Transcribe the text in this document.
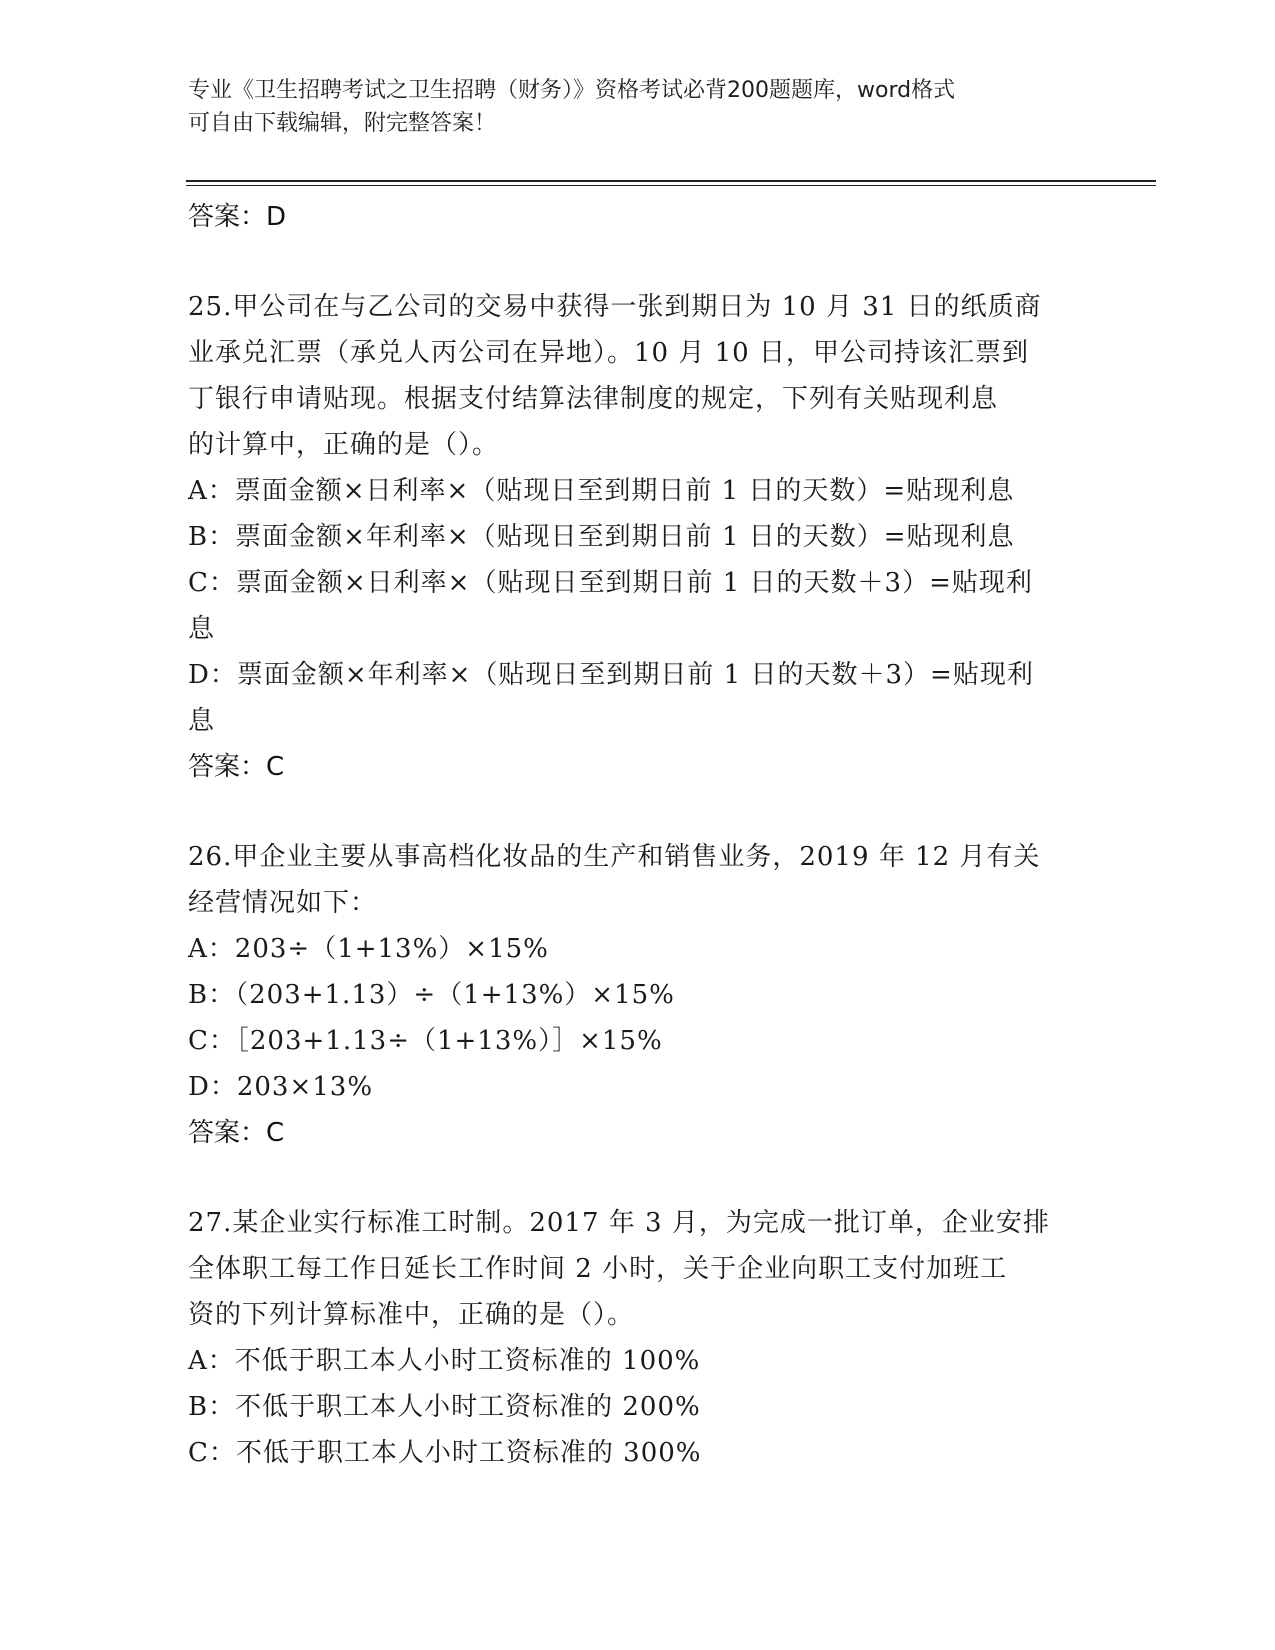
专业《卫生招聘考试之卫生招聘（财务）》资格考试必背200题题库，word格式
可自由下载编辑，附完整答案！
答案：D
25.甲公司在与乙公司的交易中获得一张到期日为 10 月 31 日的纸质商
业承兑汇票（承兑人丙公司在异地）。10 月 10 日，甲公司持该汇票到
丁银行申请贴现。根据支付结算法律制度的规定，下列有关贴现利息
的计算中，正确的是（）。
A：票面金额×日利率×（贴现日至到期日前 1 日的天数）=贴现利息
B：票面金额×年利率×（贴现日至到期日前 1 日的天数）=贴现利息
C：票面金额×日利率×（贴现日至到期日前 1 日的天数＋3）=贴现利
息
D：票面金额×年利率×（贴现日至到期日前 1 日的天数＋3）=贴现利
息
答案：C
26.甲企业主要从事高档化妆品的生产和销售业务，2019 年 12 月有关
经营情况如下：
A：203÷（1+13%）×15%
B：（203+1.13）÷（1+13%）×15%
C：［203+1.13÷（1+13%）］×15%
D：203×13%
答案：C
27.某企业实行标准工时制。2017 年 3 月，为完成一批订单，企业安排
全体职工每工作日延长工作时间 2 小时，关于企业向职工支付加班工
资的下列计算标准中，正确的是（）。
A：不低于职工本人小时工资标准的 100%
B：不低于职工本人小时工资标准的 200%
C：不低于职工本人小时工资标准的 300%
